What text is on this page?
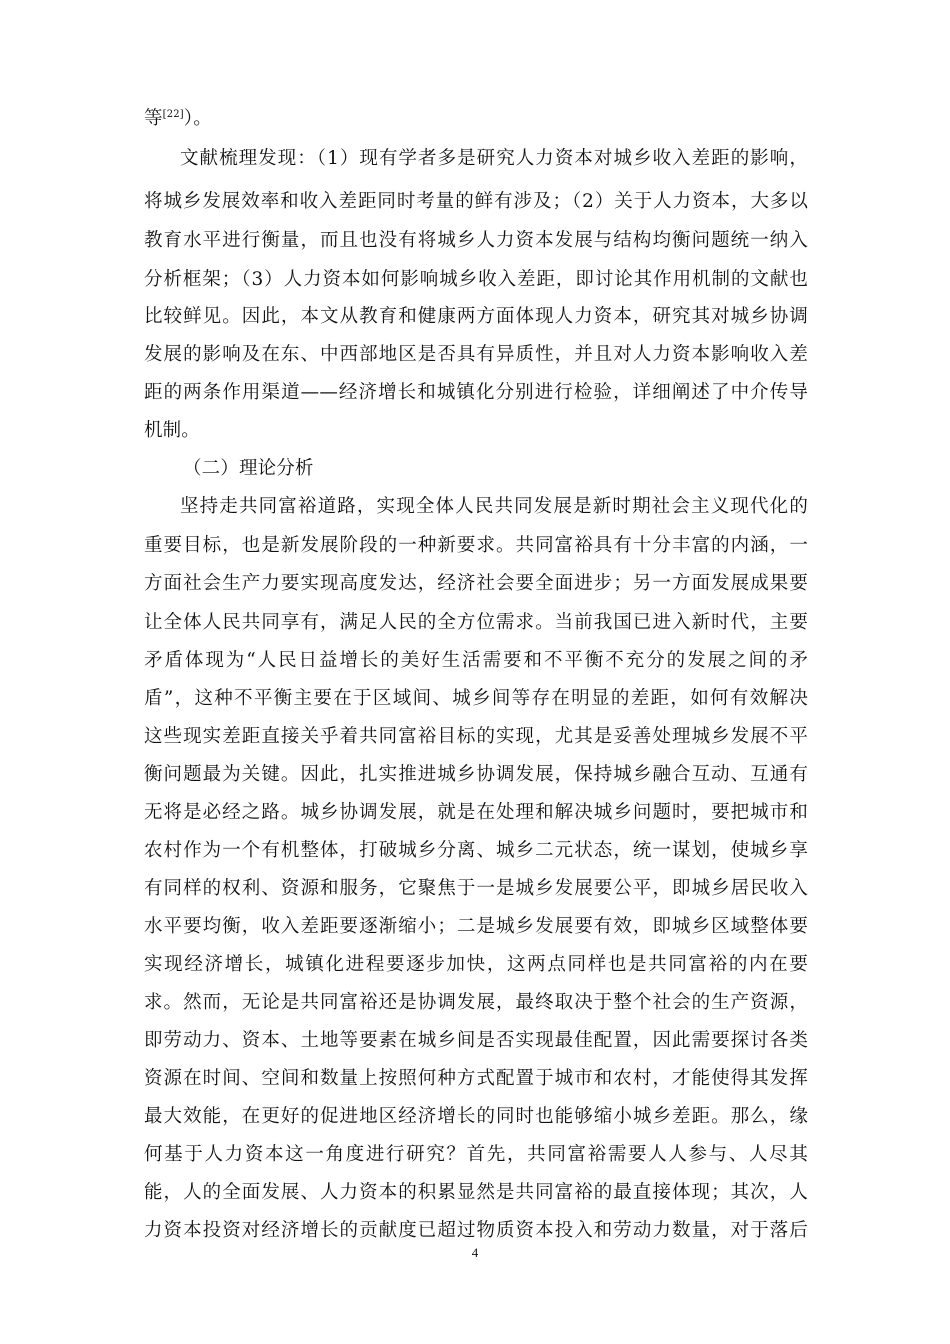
等[22]）。
文献梳理发现：（1）现有学者多是研究人力资本对城乡收入差距的影响，
将城乡发展效率和收入差距同时考量的鲜有涉及；（2）关于人力资本，大多以
教育水平进行衡量，而且也没有将城乡人力资本发展与结构均衡问题统一纳入
分析框架；（3）人力资本如何影响城乡收入差距，即讨论其作用机制的文献也
比较鲜见。因此，本文从教育和健康两方面体现人力资本，研究其对城乡协调
发展的影响及在东、中西部地区是否具有异质性，并且对人力资本影响收入差
距的两条作用渠道——经济增长和城镇化分别进行检验，详细阐述了中介传导
机制。
（二）理论分析
坚持走共同富裕道路，实现全体人民共同发展是新时期社会主义现代化的
重要目标，也是新发展阶段的一种新要求。共同富裕具有十分丰富的内涵，一
方面社会生产力要实现高度发达，经济社会要全面进步；另一方面发展成果要
让全体人民共同享有，满足人民的全方位需求。当前我国已进入新时代，主要
矛盾体现为“人民日益增长的美好生活需要和不平衡不充分的发展之间的矛
盾”，这种不平衡主要在于区域间、城乡间等存在明显的差距，如何有效解决
这些现实差距直接关乎着共同富裕目标的实现，尤其是妥善处理城乡发展不平
衡问题最为关键。因此，扎实推进城乡协调发展，保持城乡融合互动、互通有
无将是必经之路。城乡协调发展，就是在处理和解决城乡问题时，要把城市和
农村作为一个有机整体，打破城乡分离、城乡二元状态，统一谋划，使城乡享
有同样的权利、资源和服务，它聚焦于一是城乡发展要公平，即城乡居民收入
水平要均衡，收入差距要逐渐缩小；二是城乡发展要有效，即城乡区域整体要
实现经济增长，城镇化进程要逐步加快，这两点同样也是共同富裕的内在要
求。然而，无论是共同富裕还是协调发展，最终取决于整个社会的生产资源，
即劳动力、资本、土地等要素在城乡间是否实现最佳配置，因此需要探讨各类
资源在时间、空间和数量上按照何种方式配置于城市和农村，才能使得其发挥
最大效能，在更好的促进地区经济增长的同时也能够缩小城乡差距。那么，缘
何基于人力资本这一角度进行研究？首先，共同富裕需要人人参与、人尽其
能，人的全面发展、人力资本的积累显然是共同富裕的最直接体现；其次，人
力资本投资对经济增长的贡献度已超过物质资本投入和劳动力数量，对于落后
4
